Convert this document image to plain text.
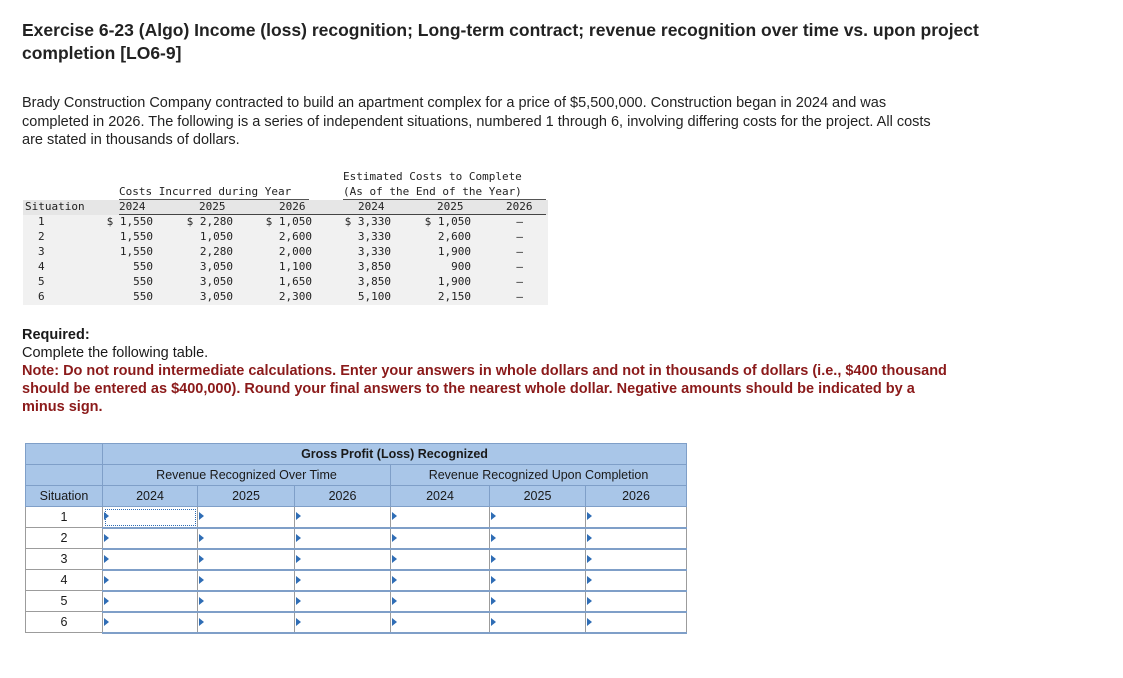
Exercise 6-23 (Algo) Income (loss) recognition; Long-term contract; revenue recognition over time vs. upon project completion [LO6-9]
Brady Construction Company contracted to build an apartment complex for a price of $5,500,000. Construction began in 2024 and was completed in 2026. The following is a series of independent situations, numbered 1 through 6, involving differing costs for the project. All costs are stated in thousands of dollars.
Estimated Costs to Complete
Costs Incurred during Year	(As of the End of the Year)
Situation	2024	2025	2026	2024	2025	2026
1	$ 1,550	$ 2,280	$ 1,050	$ 3,330	$ 1,050	–
2	1,550	1,050	2,600	3,330	2,600	–
3	1,550	2,280	2,000	3,330	1,900	–
4	550	3,050	1,100	3,850	900	–
5	550	3,050	1,650	3,850	1,900	–
6	550	3,050	2,300	5,100	2,150	–
Required:
Complete the following table.
Note: Do not round intermediate calculations. Enter your answers in whole dollars and not in thousands of dollars (i.e., $400 thousand should be entered as $400,000). Round your final answers to the nearest whole dollar. Negative amounts should be indicated by a minus sign.
	Gross Profit (Loss) Recognized					
	Revenue Recognized Over Time			Revenue Recognized Upon Completion		
Situation	2024	2025	2026	2024	2025	2026
1	

2	

3	

4	

5	

6	
